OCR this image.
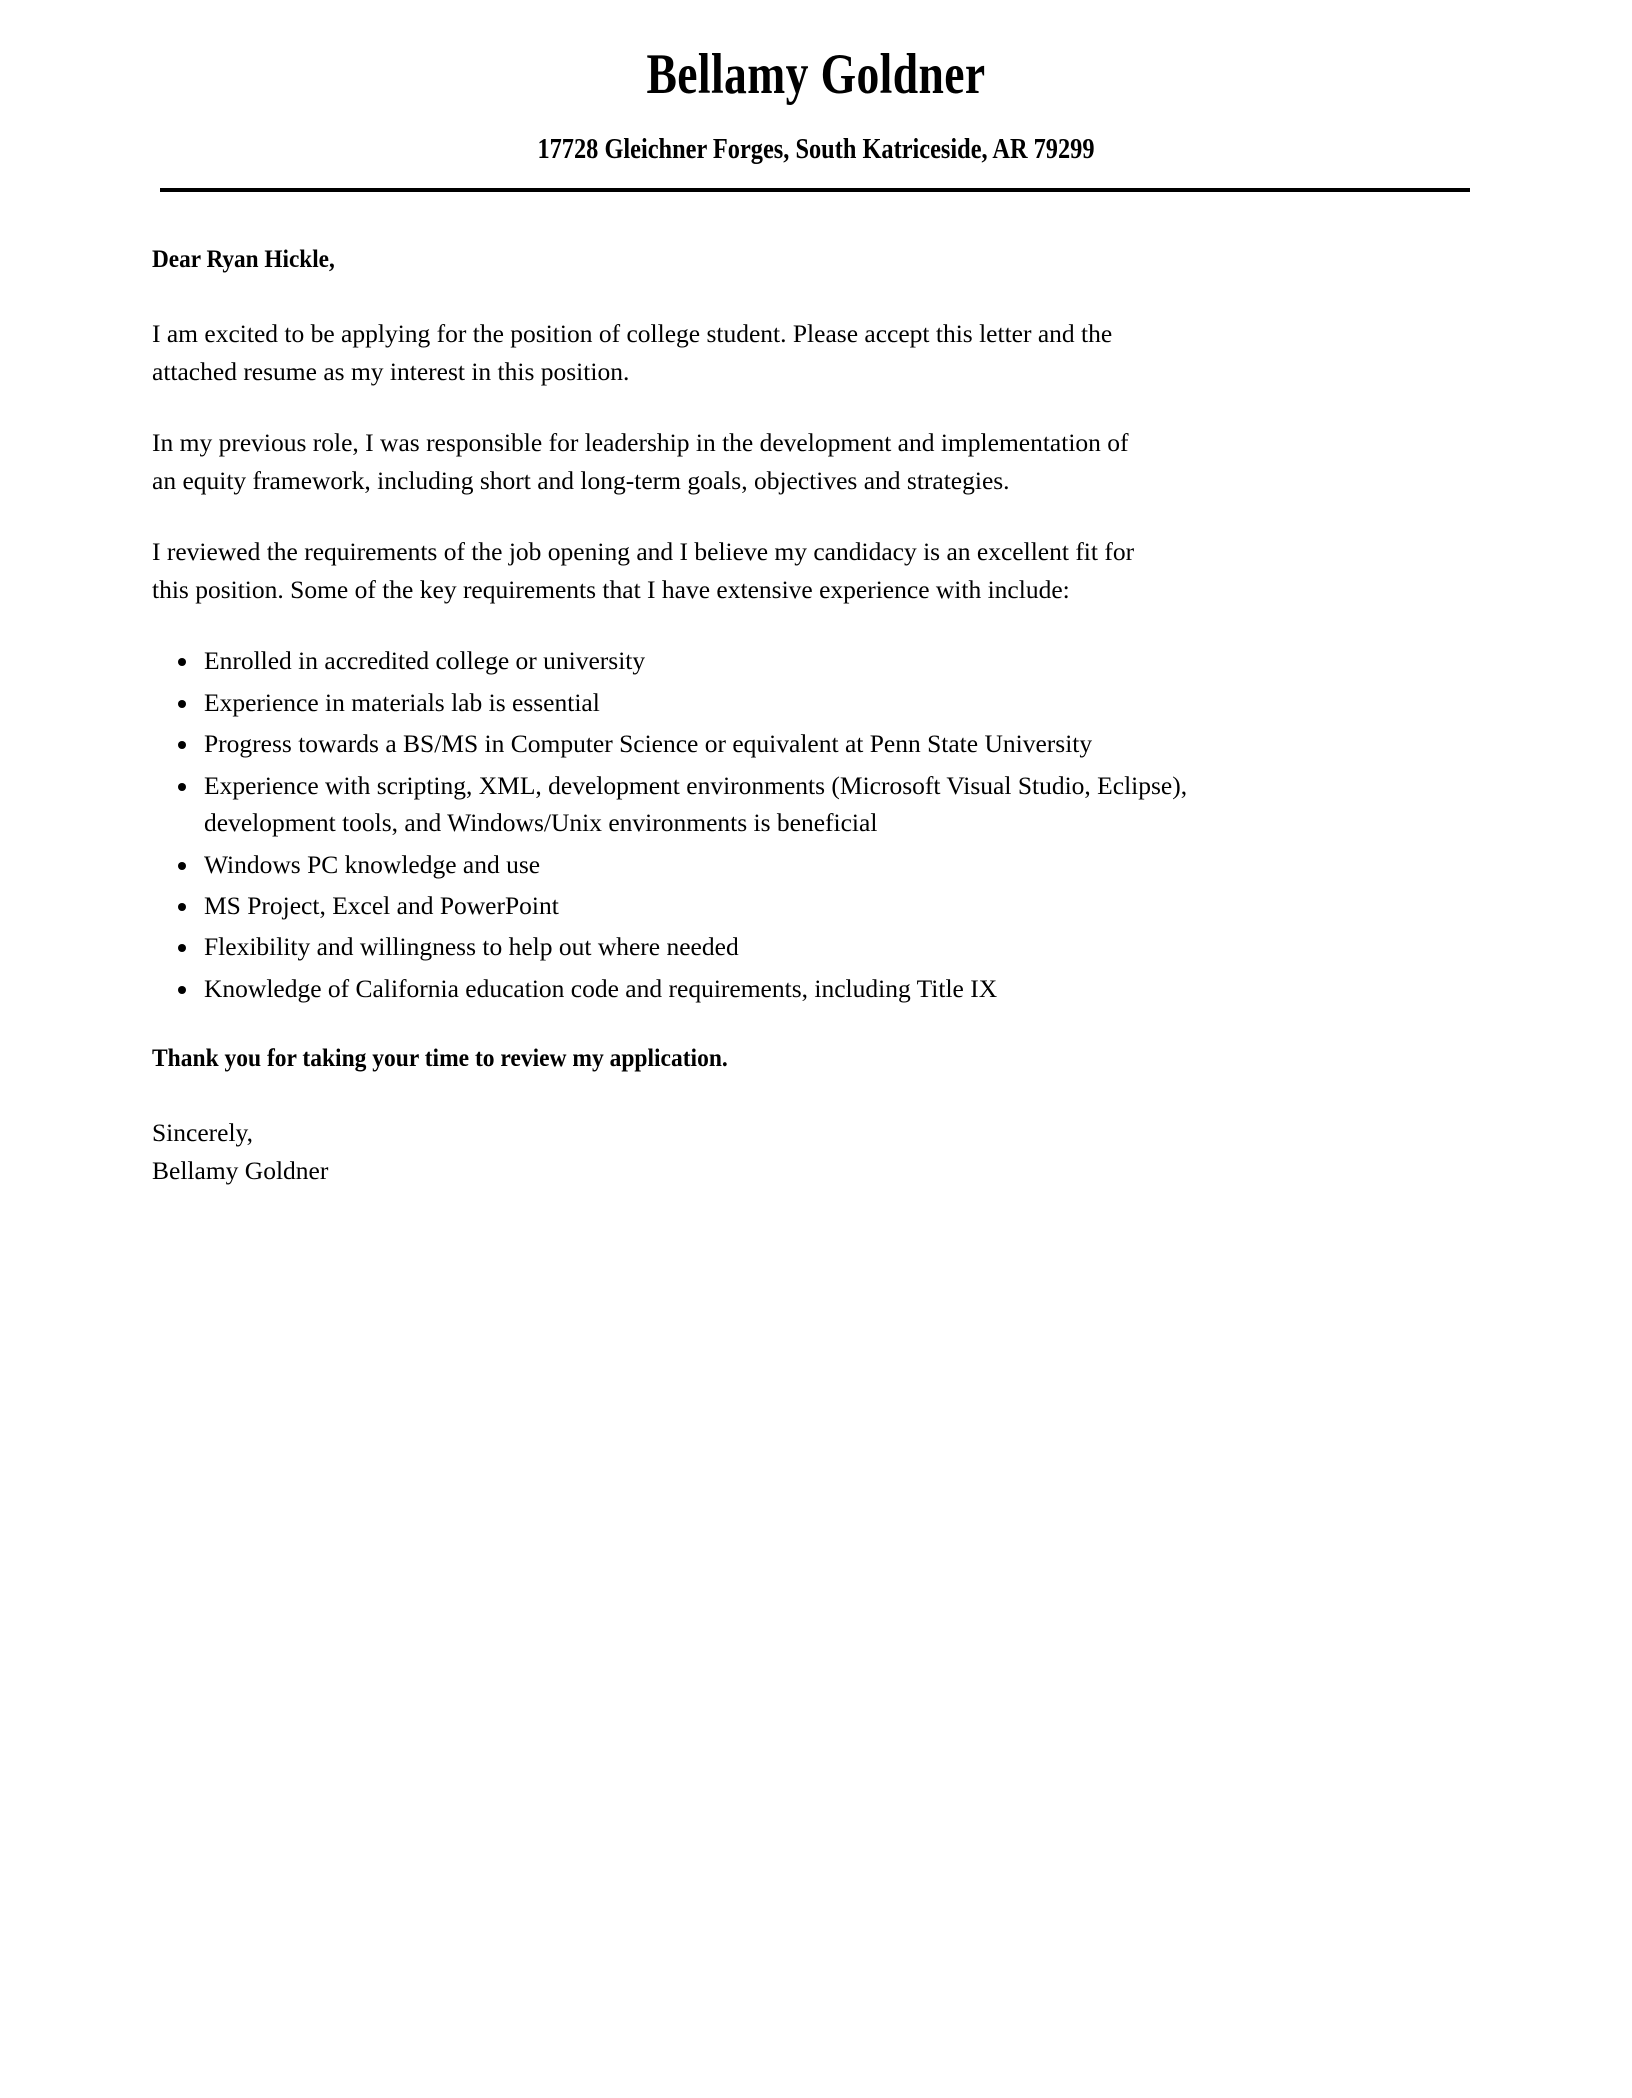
Bellamy Goldner

17728 Gleichner Forges, South Katriceside, AR 79299

Dear Ryan Hickle,

I am excited to be applying for the position of college student. Please accept this letter and the attached resume as my interest in this position.

In my previous role, I was responsible for leadership in the development and implementation of an equity framework, including short and long-term goals, objectives and strategies.

I reviewed the requirements of the job opening and I believe my candidacy is an excellent fit for this position. Some of the key requirements that I have extensive experience with include:

• Enrolled in accredited college or university
• Experience in materials lab is essential
• Progress towards a BS/MS in Computer Science or equivalent at Penn State University
• Experience with scripting, XML, development environments (Microsoft Visual Studio, Eclipse), development tools, and Windows/Unix environments is beneficial
• Windows PC knowledge and use
• MS Project, Excel and PowerPoint
• Flexibility and willingness to help out where needed
• Knowledge of California education code and requirements, including Title IX

Thank you for taking your time to review my application.

Sincerely,

Bellamy Goldner
